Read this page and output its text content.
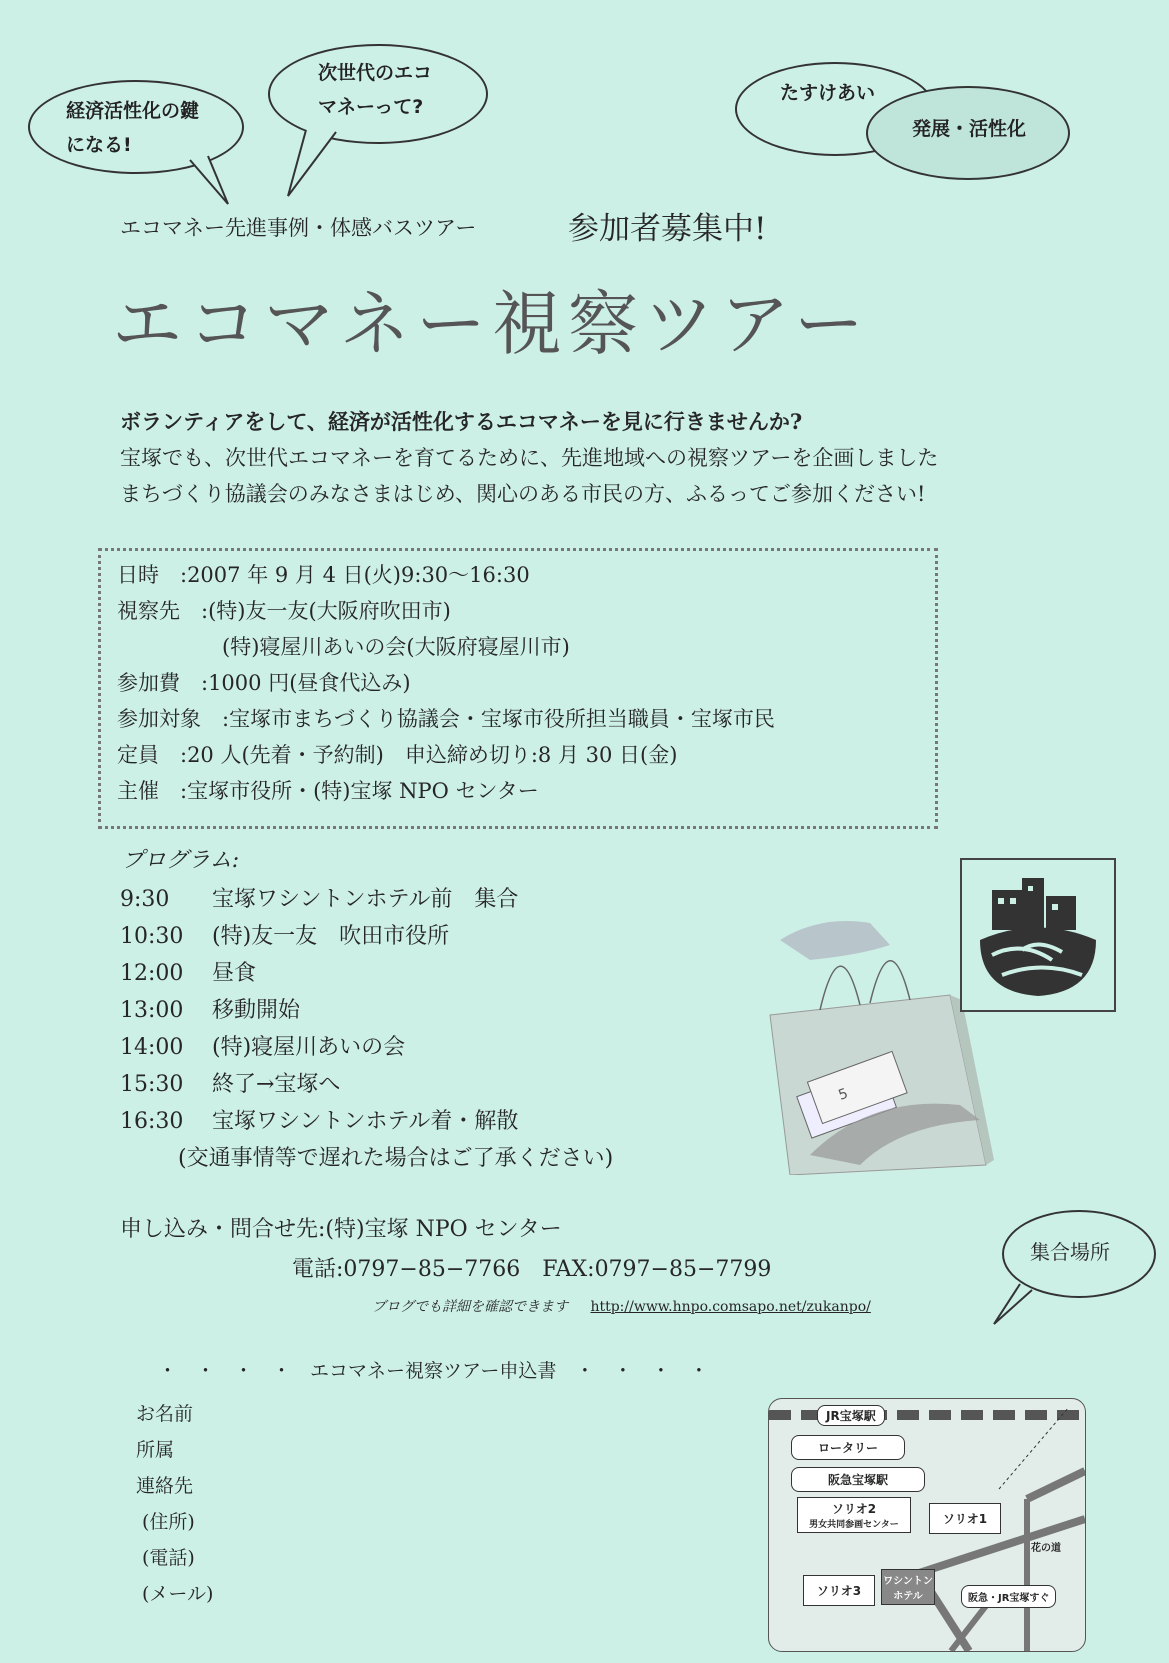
経済活性化の鍵
になる!
次世代のエコ
マネーって?
たすけあい
発展・活性化
エコマネー先進事例・体感バスツアー	参加者募集中!
エコマネー視察ツアー
ボランティアをして、経済が活性化するエコマネーを見に行きませんか?
宝塚でも、次世代エコマネーを育てるために、先進地域への視察ツアーを企画しました
まちづくり協議会のみなさまはじめ、関心のある市民の方、ふるってご参加ください!
日時　:2007 年 9 月 4 日(火)9:30〜16:30
視察先　:(特)友一友(大阪府吹田市)
　　　　　(特)寝屋川あいの会(大阪府寝屋川市)
参加費　:1000 円(昼食代込み)
参加対象　:宝塚市まちづくり協議会・宝塚市役所担当職員・宝塚市民
定員　:20 人(先着・予約制)　申込締め切り:8 月 30 日(金)
主催　:宝塚市役所・(特)宝塚 NPO センター
プログラム:
9:30 宝塚ワシントンホテル前　集合
10:30 (特)友一友　吹田市役所
12:00 昼食
13:00 移動開始
14:00 (特)寝屋川あいの会
15:30 終了→宝塚へ
16:30 宝塚ワシントンホテル着・解散
(交通事情等で遅れた場合はご了承ください)
5
申し込み・問合せ先:(特)宝塚 NPO センター
電話:0797−85−7766　FAX:0797−85−7799
ブログでも詳細を確認できます http://www.hnpo.comsapo.net/zukanpo/
・　・　・　・　エコマネー視察ツアー申込書　・　・　・　・
お名前
所属
連絡先
(住所)
(電話)
(メール)
集合場所
JR宝塚駅
ロータリー
阪急宝塚駅
ソリオ2
男女共同参画センター	ソリオ1
花の道
ソリオ3
ワシントン
ホテル	阪急・JR宝塚すぐ
